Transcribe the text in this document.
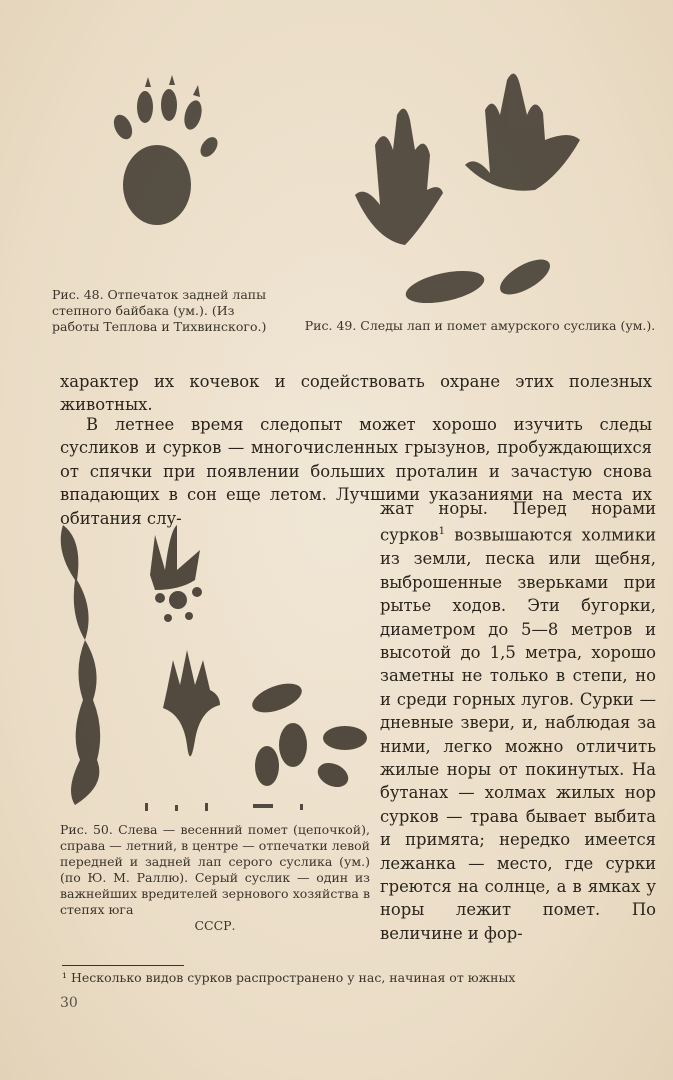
Рис. 48. Отпечаток задней лапы степного байбака (ум.). (Из работы Теплова и Тихвинского.)	Рис. 49. Следы лап и помет амурского суслика (ум.).
характер их кочевок и содействовать охране этих полезных животных.
В летнее время следопыт может хорошо изучить следы сусликов и сурков — многочисленных грызунов, пробуждающихся от спячки при появлении больших проталин и зачастую снова впадающих в сон еще летом. Лучшими указаниями на места их обитания слу-
жат норы. Перед норами сурков$^1$ возвышаются холмики из земли, песка или щебня, выброшенные зверьками при рытье ходов. Эти бугорки, диаметром до 5—8 метров и высотой до 1,5 метра, хорошо заметны не только в степи, но и среди горных лугов. Сурки — дневные звери, и, наблюдая за ними, легко можно отличить жилые норы от покинутых. На бутанах — холмах жилых нор сурков — трава бывает выбита и примята; нередко имеется лежанка — место, где сурки греются на солнце, а в ямках у норы лежит помет. По величине и фор-
Рис. 50. Слева — весенний помет (цепочкой), справа — летний, в центре — отпечатки левой передней и задней лап серого суслика (ум.) (по Ю. М. Раллю). Серый суслик — один из важнейших вредителей зернового хозяйства в степях юга
СССР.
¹ Несколько видов сурков распространено у нас, начиная от южных
30
